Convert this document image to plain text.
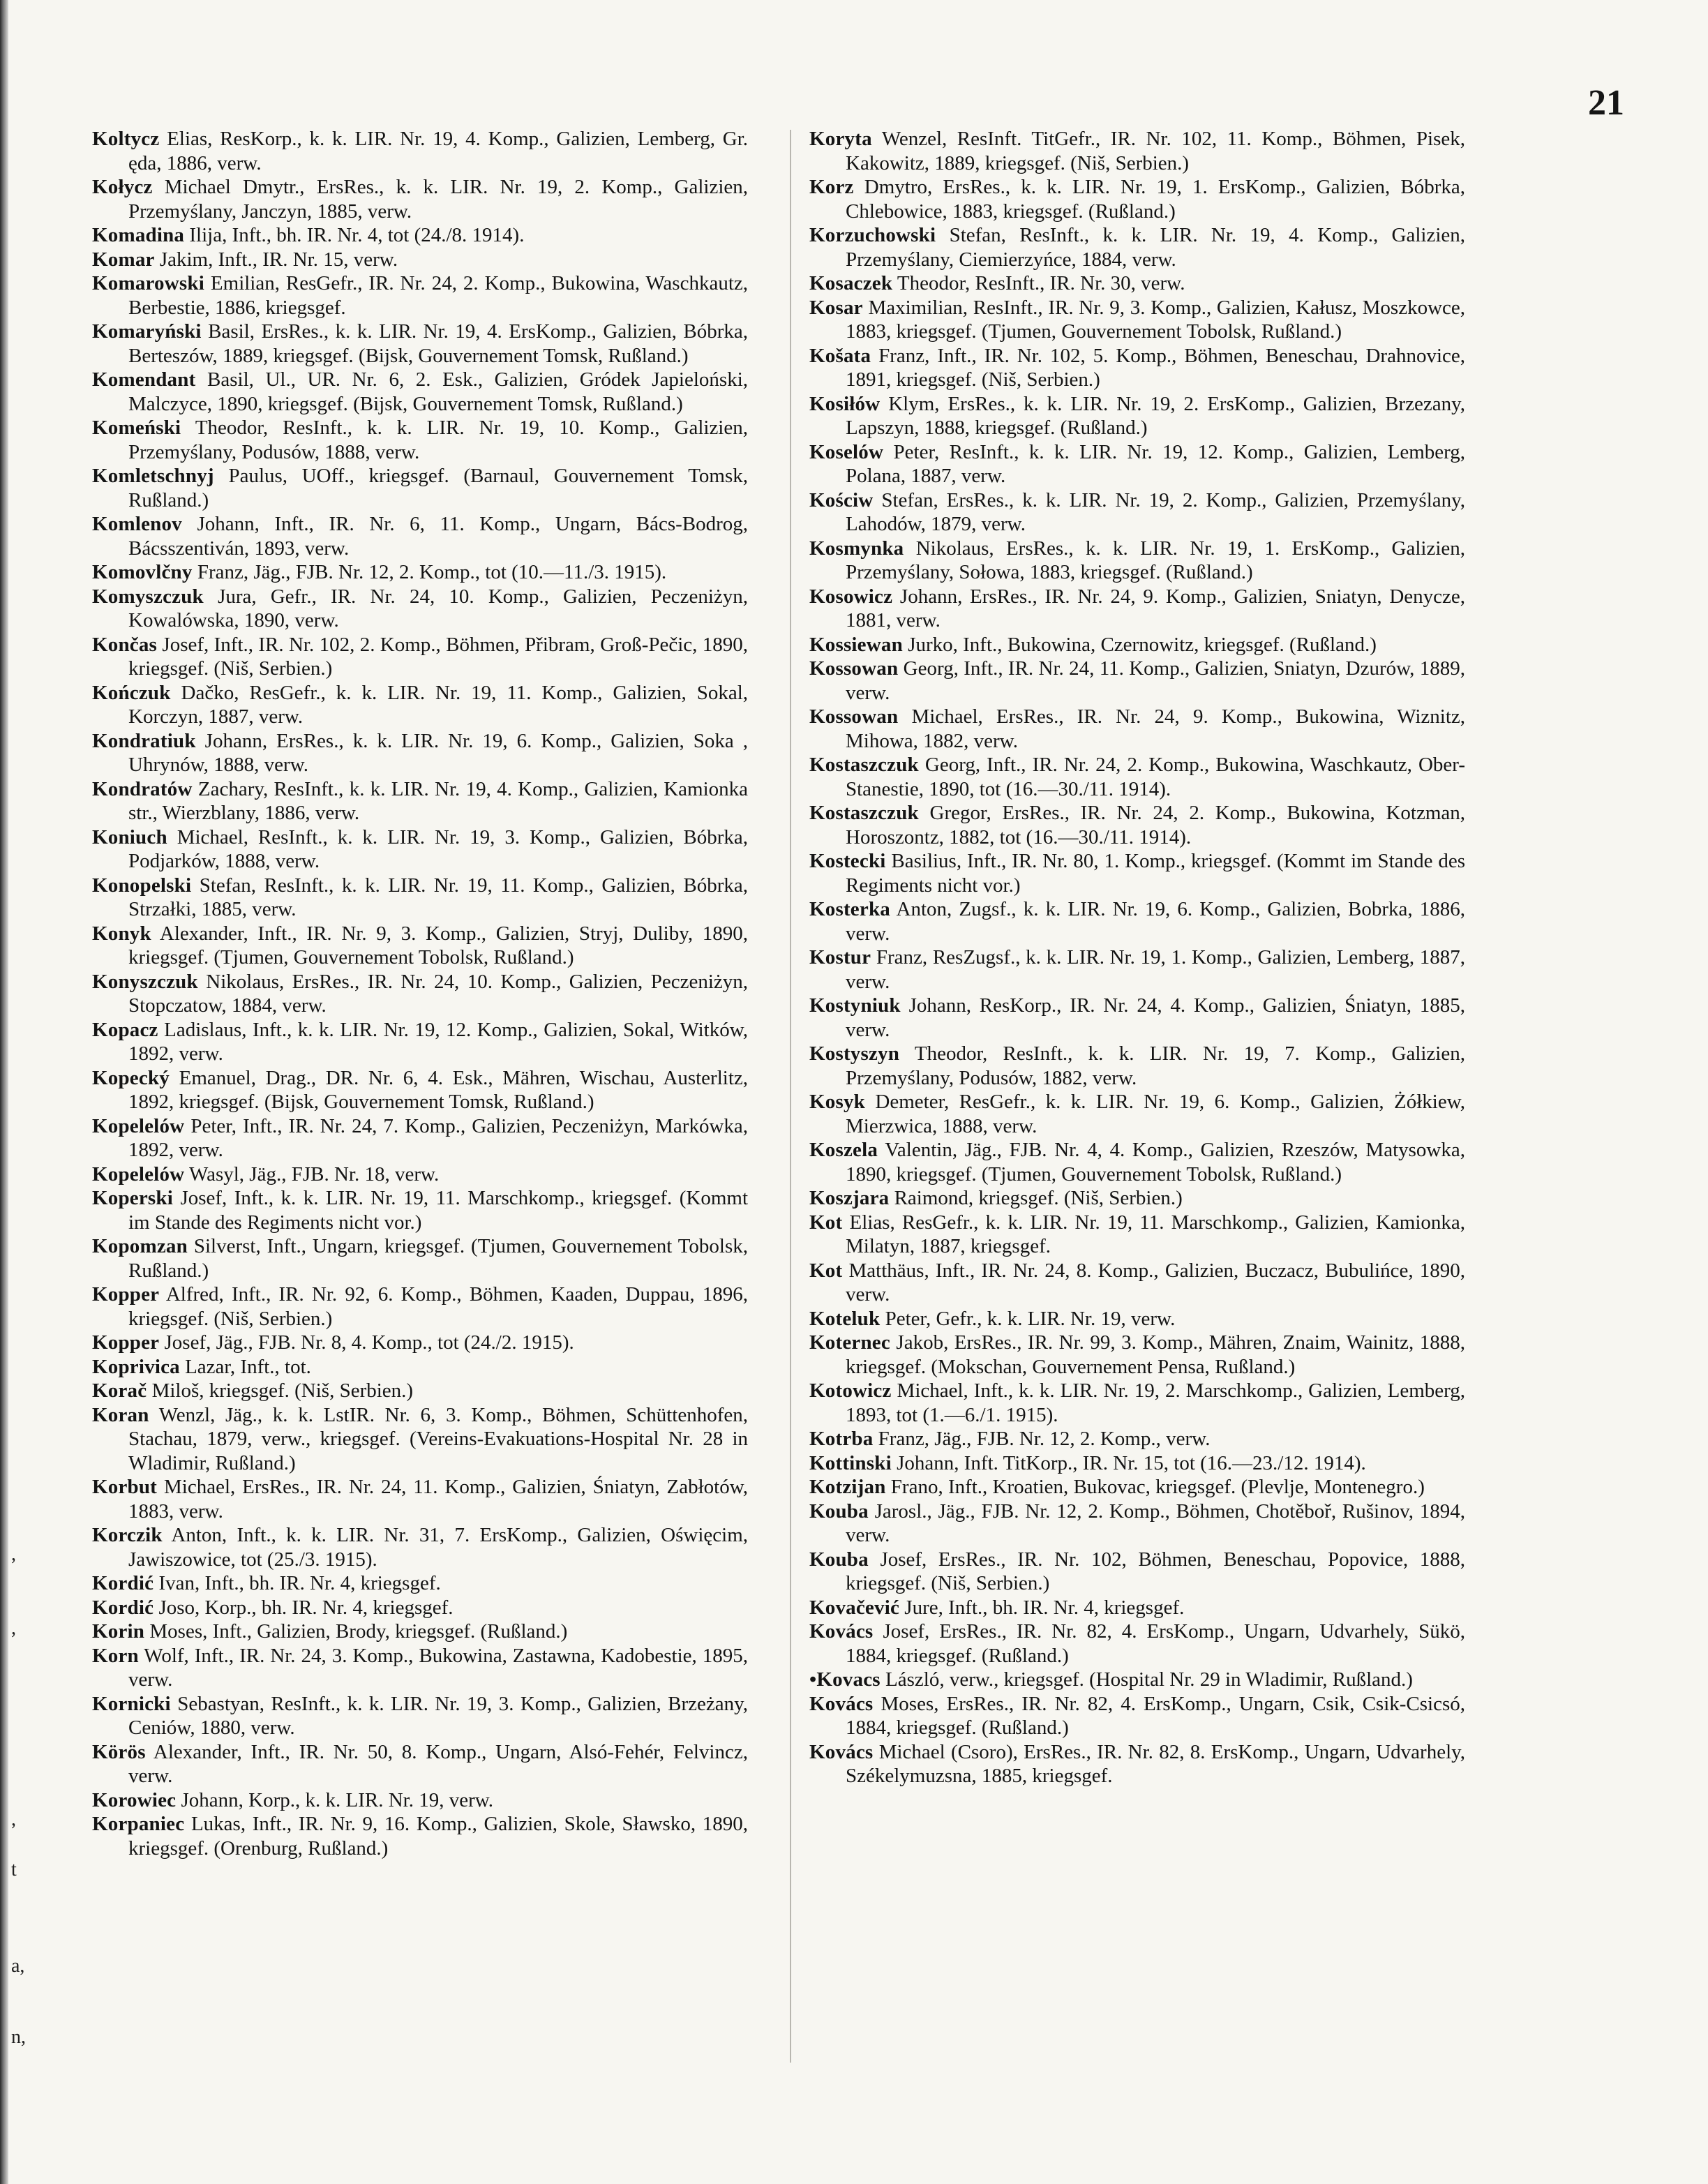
,
,
,
t
a,
n,
21

Koltycz Elias, ResKorp., k. k. LIR. Nr. 19, 4. Komp., Galizien, Lemberg, Gr. ęda, 1886, verw.

Kołycz Michael Dmytr., ErsRes., k. k. LIR. Nr. 19, 2. Komp., Galizien, Przemyślany, Janczyn, 1885, verw.

Komadina Ilija, Inft., bh. IR. Nr. 4, tot (24./8. 1914).

Komar Jakim, Inft., IR. Nr. 15, verw.

Komarowski Emilian, ResGefr., IR. Nr. 24, 2. Komp., Bukowina, Waschkautz, Berbestie, 1886, kriegsgef.

Komaryński Basil, ErsRes., k. k. LIR. Nr. 19, 4. ErsKomp., Galizien, Bóbrka, Berteszów, 1889, kriegsgef. (Bijsk, Gouvernement Tomsk, Rußland.)

Komendant Basil, Ul., UR. Nr. 6, 2. Esk., Galizien, Gródek Japieloński, Malczyce, 1890, kriegsgef. (Bijsk, Gouvernement Tomsk, Rußland.)

Komeński Theodor, ResInft., k. k. LIR. Nr. 19, 10. Komp., Galizien, Przemyślany, Podusów, 1888, verw.

Komletschnyj Paulus, UOff., kriegsgef. (Barnaul, Gouvernement Tomsk, Rußland.)

Komlenov Johann, Inft., IR. Nr. 6, 11. Komp., Ungarn, Bács-Bodrog, Bácsszentiván, 1893, verw.

Komovlčny Franz, Jäg., FJB. Nr. 12, 2. Komp., tot (10.—11./3. 1915).

Komyszczuk Jura, Gefr., IR. Nr. 24, 10. Komp., Galizien, Peczeniżyn, Kowalówska, 1890, verw.

Končas Josef, Inft., IR. Nr. 102, 2. Komp., Böhmen, Přibram, Groß-Pečic, 1890, kriegsgef. (Niš, Serbien.)

Kończuk Dačko, ResGefr., k. k. LIR. Nr. 19, 11. Komp., Galizien, Sokal, Korczyn, 1887, verw.

Kondratiuk Johann, ErsRes., k. k. LIR. Nr. 19, 6. Komp., Galizien, Soka , Uhrynów, 1888, verw.

Kondratów Zachary, ResInft., k. k. LIR. Nr. 19, 4. Komp., Galizien, Kamionka str., Wierzblany, 1886, verw.

Koniuch Michael, ResInft., k. k. LIR. Nr. 19, 3. Komp., Galizien, Bóbrka, Podjarków, 1888, verw.

Konopelski Stefan, ResInft., k. k. LIR. Nr. 19, 11. Komp., Galizien, Bóbrka, Strzałki, 1885, verw.

Konyk Alexander, Inft., IR. Nr. 9, 3. Komp., Galizien, Stryj, Duliby, 1890, kriegsgef. (Tjumen, Gouvernement Tobolsk, Rußland.)

Konyszczuk Nikolaus, ErsRes., IR. Nr. 24, 10. Komp., Galizien, Peczeniżyn, Stopczatow, 1884, verw.

Kopacz Ladislaus, Inft., k. k. LIR. Nr. 19, 12. Komp., Galizien, Sokal, Witków, 1892, verw.

Kopecký Emanuel, Drag., DR. Nr. 6, 4. Esk., Mähren, Wischau, Austerlitz, 1892, kriegsgef. (Bijsk, Gouvernement Tomsk, Rußland.)

Kopelelów Peter, Inft., IR. Nr. 24, 7. Komp., Galizien, Peczeniżyn, Markówka, 1892, verw.

Kopelelów Wasyl, Jäg., FJB. Nr. 18, verw.

Koperski Josef, Inft., k. k. LIR. Nr. 19, 11. Marschkomp., kriegsgef. (Kommt im Stande des Regiments nicht vor.)

Kopomzan Silverst, Inft., Ungarn, kriegsgef. (Tjumen, Gouvernement Tobolsk, Rußland.)

Kopper Alfred, Inft., IR. Nr. 92, 6. Komp., Böhmen, Kaaden, Duppau, 1896, kriegsgef. (Niš, Serbien.)

Kopper Josef, Jäg., FJB. Nr. 8, 4. Komp., tot (24./2. 1915).

Koprivica Lazar, Inft., tot.

Korač Miloš, kriegsgef. (Niš, Serbien.)

Koran Wenzl, Jäg., k. k. LstIR. Nr. 6, 3. Komp., Böhmen, Schüttenhofen, Stachau, 1879, verw., kriegsgef. (Vereins-Evakuations-Hospital Nr. 28 in Wladimir, Rußland.)

Korbut Michael, ErsRes., IR. Nr. 24, 11. Komp., Galizien, Śniatyn, Zabłotów, 1883, verw.

Korczik Anton, Inft., k. k. LIR. Nr. 31, 7. ErsKomp., Galizien, Oświęcim, Jawiszowice, tot (25./3. 1915).

Kordić Ivan, Inft., bh. IR. Nr. 4, kriegsgef.

Kordić Joso, Korp., bh. IR. Nr. 4, kriegsgef.

Korin Moses, Inft., Galizien, Brody, kriegsgef. (Rußland.)

Korn Wolf, Inft., IR. Nr. 24, 3. Komp., Bukowina, Zastawna, Kadobestie, 1895, verw.

Kornicki Sebastyan, ResInft., k. k. LIR. Nr. 19, 3. Komp., Galizien, Brzeżany, Ceniów, 1880, verw.

Körös Alexander, Inft., IR. Nr. 50, 8. Komp., Ungarn, Alsó-Fehér, Felvincz, verw.

Korowiec Johann, Korp., k. k. LIR. Nr. 19, verw.

Korpaniec Lukas, Inft., IR. Nr. 9, 16. Komp., Galizien, Skole, Sławsko, 1890, kriegsgef. (Orenburg, Rußland.)

Koryta Wenzel, ResInft. TitGefr., IR. Nr. 102, 11. Komp., Böhmen, Pisek, Kakowitz, 1889, kriegsgef. (Niš, Serbien.)

Korz Dmytro, ErsRes., k. k. LIR. Nr. 19, 1. ErsKomp., Galizien, Bóbrka, Chlebowice, 1883, kriegsgef. (Rußland.)

Korzuchowski Stefan, ResInft., k. k. LIR. Nr. 19, 4. Komp., Galizien, Przemyślany, Ciemierzyńce, 1884, verw.

Kosaczek Theodor, ResInft., IR. Nr. 30, verw.

Kosar Maximilian, ResInft., IR. Nr. 9, 3. Komp., Galizien, Kałusz, Moszkowce, 1883, kriegsgef. (Tjumen, Gouvernement Tobolsk, Rußland.)

Košata Franz, Inft., IR. Nr. 102, 5. Komp., Böhmen, Beneschau, Drahnovice, 1891, kriegsgef. (Niš, Serbien.)

Kosiłów Klym, ErsRes., k. k. LIR. Nr. 19, 2. ErsKomp., Galizien, Brzezany, Lapszyn, 1888, kriegsgef. (Rußland.)

Koselów Peter, ResInft., k. k. LIR. Nr. 19, 12. Komp., Galizien, Lemberg, Polana, 1887, verw.

Kościw Stefan, ErsRes., k. k. LIR. Nr. 19, 2. Komp., Galizien, Przemyślany, Lahodów, 1879, verw.

Kosmynka Nikolaus, ErsRes., k. k. LIR. Nr. 19, 1. ErsKomp., Galizien, Przemyślany, Sołowa, 1883, kriegsgef. (Rußland.)

Kosowicz Johann, ErsRes., IR. Nr. 24, 9. Komp., Galizien, Sniatyn, Denycze, 1881, verw.

Kossiewan Jurko, Inft., Bukowina, Czernowitz, kriegsgef. (Rußland.)

Kossowan Georg, Inft., IR. Nr. 24, 11. Komp., Galizien, Sniatyn, Dzurów, 1889, verw.

Kossowan Michael, ErsRes., IR. Nr. 24, 9. Komp., Bukowina, Wiznitz, Mihowa, 1882, verw.

Kostaszczuk Georg, Inft., IR. Nr. 24, 2. Komp., Bukowina, Waschkautz, Ober-Stanestie, 1890, tot (16.—30./11. 1914).

Kostaszczuk Gregor, ErsRes., IR. Nr. 24, 2. Komp., Bukowina, Kotzman, Horoszontz, 1882, tot (16.—30./11. 1914).

Kostecki Basilius, Inft., IR. Nr. 80, 1. Komp., kriegsgef. (Kommt im Stande des Regiments nicht vor.)

Kosterka Anton, Zugsf., k. k. LIR. Nr. 19, 6. Komp., Galizien, Bobrka, 1886, verw.

Kostur Franz, ResZugsf., k. k. LIR. Nr. 19, 1. Komp., Galizien, Lemberg, 1887, verw.

Kostyniuk Johann, ResKorp., IR. Nr. 24, 4. Komp., Galizien, Śniatyn, 1885, verw.

Kostyszyn Theodor, ResInft., k. k. LIR. Nr. 19, 7. Komp., Galizien, Przemyślany, Podusów, 1882, verw.

Kosyk Demeter, ResGefr., k. k. LIR. Nr. 19, 6. Komp., Galizien, Żółkiew, Mierzwica, 1888, verw.

Koszela Valentin, Jäg., FJB. Nr. 4, 4. Komp., Galizien, Rzeszów, Matysowka, 1890, kriegsgef. (Tjumen, Gouvernement Tobolsk, Rußland.)

Koszjara Raimond, kriegsgef. (Niš, Serbien.)

Kot Elias, ResGefr., k. k. LIR. Nr. 19, 11. Marschkomp., Galizien, Kamionka, Milatyn, 1887, kriegsgef.

Kot Matthäus, Inft., IR. Nr. 24, 8. Komp., Galizien, Buczacz, Bubulińce, 1890, verw.

Koteluk Peter, Gefr., k. k. LIR. Nr. 19, verw.

Koternec Jakob, ErsRes., IR. Nr. 99, 3. Komp., Mähren, Znaim, Wainitz, 1888, kriegsgef. (Mokschan, Gouvernement Pensa, Rußland.)

Kotowicz Michael, Inft., k. k. LIR. Nr. 19, 2. Marschkomp., Galizien, Lemberg, 1893, tot (1.—6./1. 1915).

Kotrba Franz, Jäg., FJB. Nr. 12, 2. Komp., verw.

Kottinski Johann, Inft. TitKorp., IR. Nr. 15, tot (16.—23./12. 1914).

Kotzijan Frano, Inft., Kroatien, Bukovac, kriegsgef. (Plevlje, Montenegro.)

Kouba Jarosl., Jäg., FJB. Nr. 12, 2. Komp., Böhmen, Chotěboř, Rušinov, 1894, verw.

Kouba Josef, ErsRes., IR. Nr. 102, Böhmen, Beneschau, Popovice, 1888, kriegsgef. (Niš, Serbien.)

Kovačević Jure, Inft., bh. IR. Nr. 4, kriegsgef.

Kovács Josef, ErsRes., IR. Nr. 82, 4. ErsKomp., Ungarn, Udvarhely, Sükö, 1884, kriegsgef. (Rußland.)

•Kovacs László, verw., kriegsgef. (Hospital Nr. 29 in Wladimir, Rußland.)

Kovács Moses, ErsRes., IR. Nr. 82, 4. ErsKomp., Ungarn, Csik, Csik-Csicsó, 1884, kriegsgef. (Rußland.)

Kovács Michael (Csoro), ErsRes., IR. Nr. 82, 8. ErsKomp., Ungarn, Udvarhely, Székelymuzsna, 1885, kriegsgef.
